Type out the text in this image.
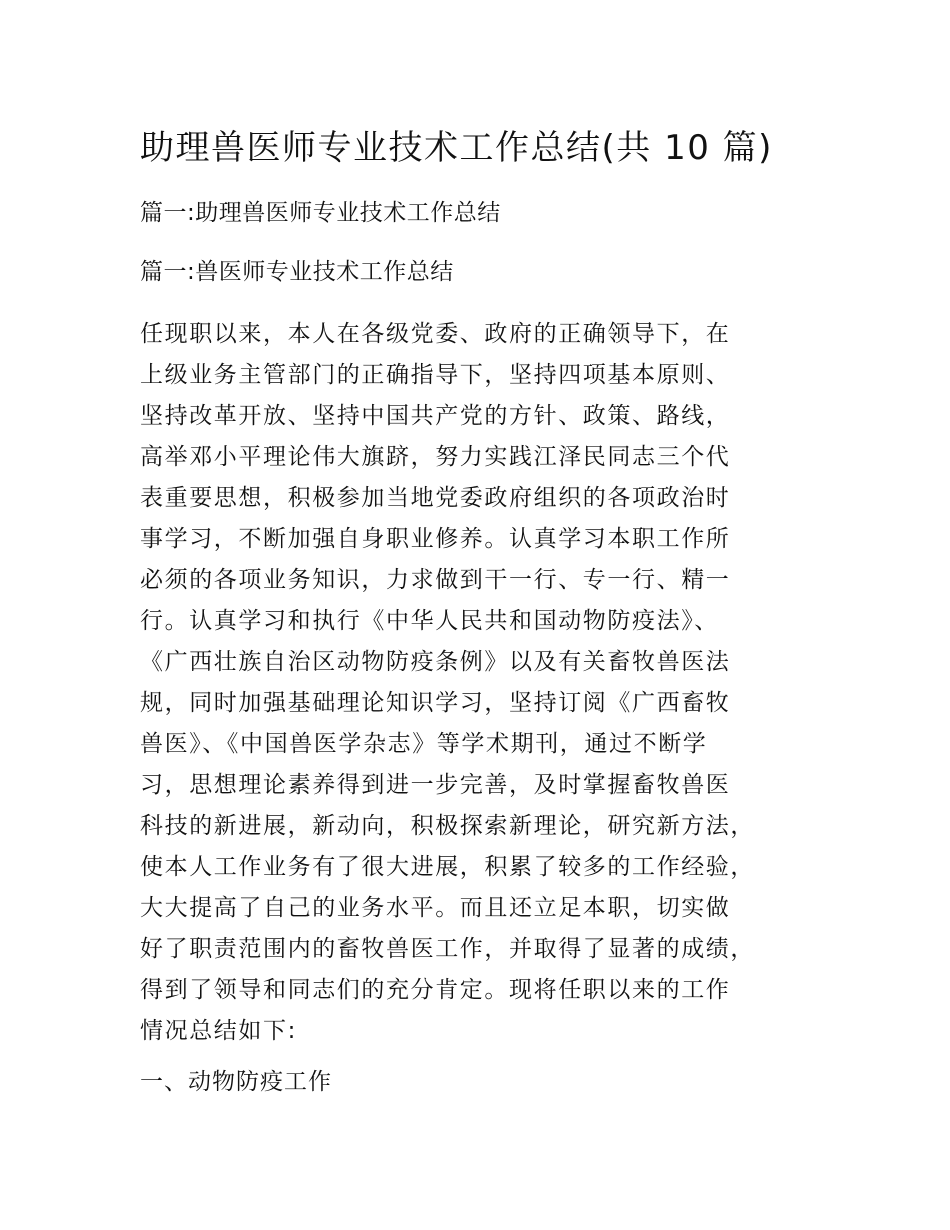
助理兽医师专业技术工作总结(共 10 篇)

篇一:助理兽医师专业技术工作总结

篇一:兽医师专业技术工作总结

任现职以来，本人在各级党委、政府的正确领导下，在
上级业务主管部门的正确指导下，坚持四项基本原则、
坚持改革开放、坚持中国共产党的方针、政策、路线，
高举邓小平理论伟大旗跻，努力实践江泽民同志三个代
表重要思想，积极参加当地党委政府组织的各项政治时
事学习，不断加强自身职业修养。认真学习本职工作所
必须的各项业务知识，力求做到干一行、专一行、精一
行。认真学习和执行《中华人民共和国动物防疫法》、
《广西壮族自治区动物防疫条例》以及有关畜牧兽医法
规，同时加强基础理论知识学习，坚持订阅《广西畜牧
兽医》、《中国兽医学杂志》等学术期刊，通过不断学
习，思想理论素养得到进一步完善，及时掌握畜牧兽医
科技的新进展，新动向，积极探索新理论，研究新方法，
使本人工作业务有了很大进展，积累了较多的工作经验，
大大提高了自己的业务水平。而且还立足本职，切实做
好了职责范围内的畜牧兽医工作，并取得了显著的成绩，
得到了领导和同志们的充分肯定。现将任职以来的工作
情况总结如下:
一、动物防疫工作
